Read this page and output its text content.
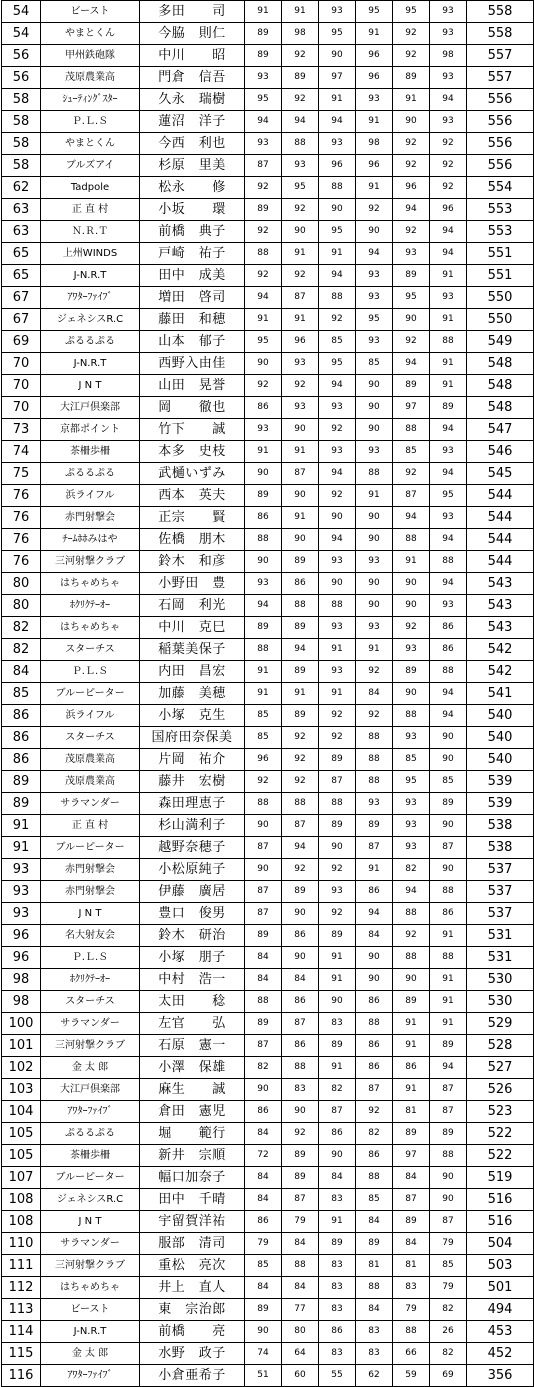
54	ビースト	多田　　司	91	91	93	95	95	93	558
54	やまとくん	今脇　則仁	89	98	95	91	92	93	558
56	甲州鉄砲隊	中川　　昭	89	92	90	96	92	98	557
56	茂原農業高	門倉　信吾	93	89	97	96	89	93	557
58	ｼｭｰﾃｨﾝｸﾞｽﾀｰ	久永　瑞樹	95	92	91	93	91	94	556
58	Ｐ.Ｌ.Ｓ	蓮沼　洋子	94	94	94	91	90	93	556
58	やまとくん	今西　利也	93	88	93	98	92	92	556
58	ブルズアイ	杉原　里美	87	93	96	96	92	92	556
62	Tadpole	松永　　修	92	95	88	91	96	92	554
63	正 直 村	小坂　　環	89	92	90	92	94	96	553
63	Ｎ.Ｒ.Ｔ	前橋　典子	92	90	95	90	92	94	553
65	上州WINDS	戸崎　祐子	88	91	91	94	93	94	551
65	J-N.R.T	田中　成美	92	92	94	93	89	91	551
67	ｱﾜﾀｰﾌｧｲﾌﾞ	増田　啓司	94	87	88	93	95	93	550
67	ジェネシスR.C	藤田　和穂	91	91	92	95	90	91	550
69	ぷるるぷる	山本　郁子	95	96	85	93	92	88	549
70	J-N.R.T	西野入由佳	90	93	95	85	94	91	548
70	J N T	山田　晃誉	92	92	94	90	89	91	548
70	大江戸倶楽部	岡　　徹也	86	93	93	90	97	89	548
73	京都ポイント	竹下　　誠	93	90	92	90	88	94	547
74	茶柵歩柵	本多　史枝	91	91	93	93	85	93	546
75	ぷるるぷる	武樋いずみ	90	87	94	88	92	94	545
76	浜ライフル	西本　英夫	89	90	92	91	87	95	544
76	赤門射撃会	正宗　　賢	86	91	90	90	94	93	544
76	ﾁｰﾑﾎﾎみはや	佐橋　朋木	88	90	94	90	88	94	544
76	三河射撃クラブ	鈴木　和彦	90	89	93	93	91	88	544
80	はちゃめちゃ	小野田　豊	93	86	90	90	90	94	543
80	ﾎｸﾘｸﾃｰｵｰ	石岡　利光	94	88	88	90	90	93	543
82	はちゃめちゃ	中川　克巳	89	89	93	93	92	86	543
82	スターチス	稲葉美保子	88	94	91	91	93	86	542
84	Ｐ.Ｌ.Ｓ	内田　昌宏	91	89	93	92	89	88	542
85	ブルーピーター	加藤　美穂	91	91	91	84	90	94	541
86	浜ライフル	小塚　克生	85	89	92	92	88	94	540
86	スターチス	国府田奈保美	85	92	92	88	93	90	540
86	茂原農業高	片岡　祐介	96	92	89	88	85	90	540
89	茂原農業高	藤井　宏樹	92	92	87	88	95	85	539
89	サラマンダー	森田理恵子	88	88	88	93	93	89	539
91	正 直 村	杉山満利子	90	87	89	89	93	90	538
91	ブルーピーター	越野奈穂子	87	94	90	87	93	87	538
93	赤門射撃会	小松原純子	90	92	92	91	82	90	537
93	赤門射撃会	伊藤　廣居	87	89	93	86	94	88	537
93	J N T	豊口　俊男	87	90	92	94	88	86	537
96	名大射友会	鈴木　研治	89	86	89	84	92	91	531
96	Ｐ.Ｌ.Ｓ	小塚　朋子	84	90	91	90	88	88	531
98	ﾎｸﾘｸﾃｰｵｰ	中村　浩一	84	84	91	90	90	91	530
98	スターチス	太田　　稔	88	86	90	86	89	91	530
100	サラマンダー	左官　　弘	89	87	83	88	91	91	529
101	三河射撃クラブ	石原　憲一	87	86	89	86	91	89	528
102	金 太 郎	小澤　保雄	82	88	91	86	86	94	527
103	大江戸倶楽部	麻生　　誠	90	83	82	87	91	87	526
104	ｱﾜﾀｰﾌｧｲﾌﾞ	倉田　憲児	86	90	87	92	81	87	523
105	ぷるるぷる	堀　　範行	84	92	86	82	89	89	522
105	茶柵歩柵	新井　宗順	72	89	90	86	97	88	522
107	ブルーピーター	幅口加奈子	84	89	84	88	84	90	519
108	ジェネシスR.C	田中　千晴	84	87	83	85	87	90	516
108	J N T	宇留賀洋祐	86	79	91	84	89	87	516
110	サラマンダー	服部　清司	79	84	89	89	84	79	504
111	三河射撃クラブ	重松　亮次	85	88	83	81	81	85	503
112	はちゃめちゃ	井上　直人	84	84	83	88	83	79	501
113	ビースト	東　宗治郎	89	77	83	84	79	82	494
114	J-N.R.T	前橋　　亮	90	80	86	83	88	26	453
115	金 太 郎	水野　政子	74	64	83	83	66	82	452
116	ｱﾜﾀｰﾌｧｲﾌﾞ	小倉亜希子	51	60	55	62	59	69	356
